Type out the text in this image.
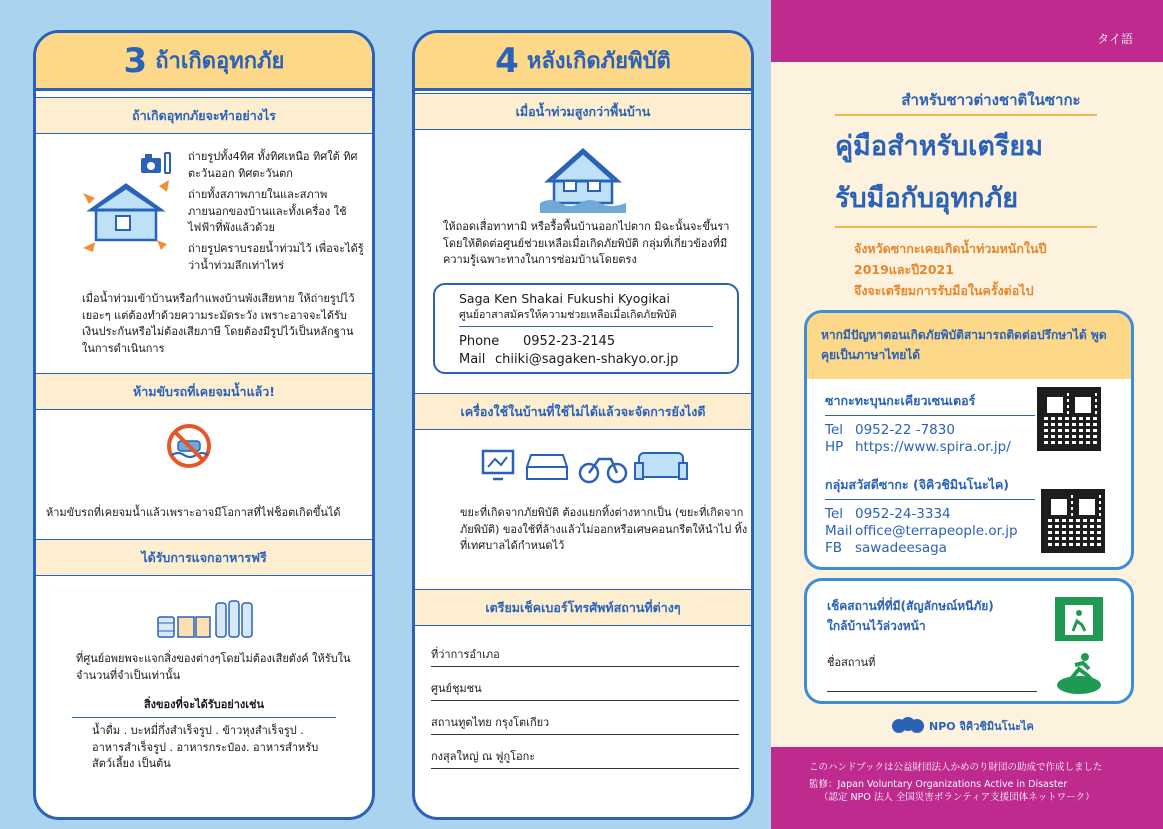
3 ถ้าเกิดอุทกภัย
ถ้าเกิดอุทกภัยจะทำอย่างไร
ถ่ายรูปทั้ง4ทิศ ทั้งทิศเหนือ ทิศใต้ ทิศตะวันออก ทิศตะวันตก
ถ่ายทั้งสภาพภายในและสภาพ ภายนอกของบ้านและทั้งเครื่อง ใช้ไฟฟ้าที่พังแล้วด้วย
ถ่ายรูปคราบรอยน้ำท่วมไว้ เพื่อจะได้รู้ว่าน้ำท่วมลึกเท่าไหร่
เมื่อน้ำท่วมเข้าบ้านหรือกำแพงบ้านพังเสียหาย ให้ถ่ายรูปไว้เยอะๆ แต่ต้องทำด้วยความระมัดระวัง เพราะอาจจะได้รับเงินประกันหรือไม่ต้องเสียภาษี โดยต้องมีรูปไว้เป็นหลักฐานในการดำเนินการ
ห้ามขับรถที่เคยจมน้ำแล้ว!
ห้ามขับรถที่เคยจมน้ำแล้วเพราะอาจมีโอกาสที่ไฟช็อตเกิดขึ้นได้
ได้รับการแจกอาหารฟรี
ที่ศูนย์อพยพจะแจกสิ่งของต่างๆโดยไม่ต้องเสียตังค์ ให้รับในจำนวนที่จำเป็นเท่านั้น
สิ่งของที่จะได้รับอย่างเช่น
น้ำดื่ม . บะหมี่กึ่งสำเร็จรูป . ข้าวหุงสำเร็จรูป . อาหารสำเร็จรูป . อาหารกระป๋อง. อาหารสำหรับสัตว์เลี้ยง เป็นต้น
4 หลังเกิดภัยพิบัติ
เมื่อน้ำท่วมสูงกว่าพื้นบ้าน
ให้ถอดเสื่อทาทามิ หรือรื้อพื้นบ้านออกไปตาก มิฉะนั้นจะขึ้นรา โดยให้ติดต่อศูนย์ช่วยเหลือเมื่อเกิดภัยพิบัติ กลุ่มที่เกี่ยวข้องที่มีความรู้เฉพาะทางในการซ่อมบ้านโดยตรง
Saga Ken Shakai Fukushi Kyogikai
ศูนย์อาสาสมัครให้ความช่วยเหลือเมื่อเกิดภัยพิบัติ
Phone 0952-23-2145
Mail chiiki@sagaken-shakyo.or.jp
เครื่องใช้ในบ้านที่ใช้ไม่ได้แล้วจะจัดการยังไงดี
ขยะที่เกิดจากภัยพิบัติ ต้องแยกทิ้งต่างหากเป็น (ขยะที่เกิดจากภัยพิบัติ) ของใช้ที่ล้างแล้วไม่ออกหรือเศษคอนกรีตให้นำไป ทิ้งที่เทศบาลได้กำหนดไว้
เตรียมเช็คเบอร์โทรศัพท์สถานที่ต่างๆ
ที่ว่าการอำเภอ
ศูนย์ชุมชน
สถานทูตไทย กรุงโตเกียว
กงสุลใหญ่ ณ ฟูกูโอกะ
タイ語
สำหรับชาวต่างชาติในซากะ
คู่มือสำหรับเตรียม
รับมือกับอุทกภัย
จังหวัดซากะเคยเกิดน้ำท่วมหนักในปี
2019และปี2021
จึงจะเตรียมการรับมือในครั้งต่อไป
หากมีปัญหาตอนเกิดภัยพิบัติสามารถติดต่อปรึกษาได้ พูดคุยเป็นภาษาไทยได้
ซากะทะบุนกะเคียวเซนเตอร์
Tel 0952-22 -7830
HP https://www.spira.or.jp/
กลุ่มสวัสดีซากะ (จิคิวชิมินโนะไค)
Tel 0952-24-3334
Mail office@terrapeople.or.jp
FB sawadeesaga
เช็คสถานที่ที่มี(สัญลักษณ์หนีภัย)
ใกล้บ้านไว้ล่วงหน้า
ชื่อสถานที่
NPO จิคิวชิมินโนะไค
このハンドブックは公益財団法人かめのり財団の助成で作成しました
監修：Japan Voluntary Organizations Active in Disaster
（認定 NPO 法人 全国災害ボランティア支援団体ネットワーク）
